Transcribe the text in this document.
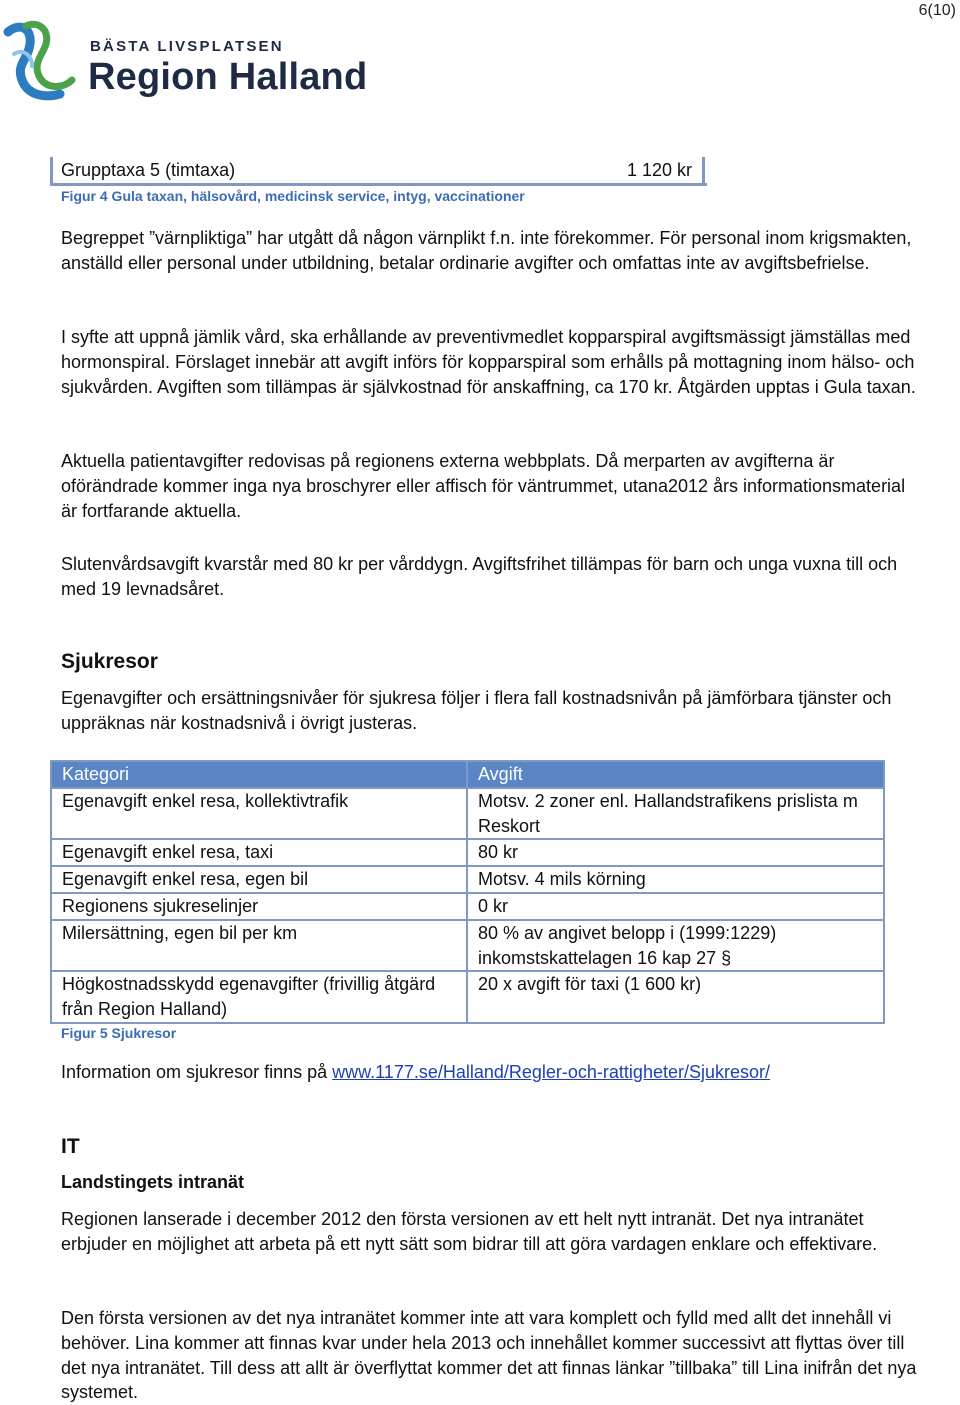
6(10)
BÄSTA LIVSPLATSEN
Region Halland
Grupptaxa 5 (timtaxa)	1 120 kr
Figur 4 Gula taxan, hälsovård, medicinsk service, intyg, vaccinationer
Begreppet ”värnpliktiga” har utgått då någon värnplikt f.n. inte förekommer. För personal inom krigsmakten, anställd eller personal under utbildning, betalar ordinarie avgifter och omfattas inte av avgiftsbefrielse.
I syfte att uppnå jämlik vård, ska erhållande av preventivmedlet kopparspiral avgiftsmässigt jämställas med hormonspiral. Förslaget innebär att avgift införs för kopparspiral som erhålls på mottagning inom hälso- och sjukvården. Avgiften som tillämpas är självkostnad för anskaffning, ca 170 kr. Åtgärden upptas i Gula taxan.
Aktuella patientavgifter redovisas på regionens externa webbplats. Då merparten av avgifterna är oförändrade kommer inga nya broschyrer eller affisch för väntrummet, utana2012 års informationsmaterial är fortfarande aktuella.
Slutenvårdsavgift kvarstår med 80 kr per vårddygn. Avgiftsfrihet tillämpas för barn och unga vuxna till och med 19 levnadsåret.
Sjukresor
Egenavgifter och ersättningsnivåer för sjukresa följer i flera fall kostnadsnivån på jämförbara tjänster och uppräknas när kostnadsnivå i övrigt justeras.
Kategori	Avgift
Egenavgift enkel resa, kollektivtrafik	Motsv. 2 zoner enl. Hallandstrafikens prislista m Reskort
Egenavgift enkel resa, taxi	80 kr
Egenavgift enkel resa, egen bil	Motsv. 4 mils körning
Regionens sjukreselinjer	0 kr
Milersättning, egen bil per km	80 % av angivet belopp i (1999:1229) inkomstskattelagen 16 kap 27 §
Högkostnadsskydd egenavgifter (frivillig åtgärd från Region Halland)	20 x avgift för taxi (1 600 kr)
Figur 5 Sjukresor
Information om sjukresor finns på www.1177.se/Halland/Regler-och-rattigheter/Sjukresor/
IT
Landstingets intranät
Regionen lanserade i december 2012 den första versionen av ett helt nytt intranät. Det nya intranätet erbjuder en möjlighet att arbeta på ett nytt sätt som bidrar till att göra vardagen enklare och effektivare.
Den första versionen av det nya intranätet kommer inte att vara komplett och fylld med allt det innehåll vi behöver. Lina kommer att finnas kvar under hela 2013 och innehållet kommer successivt att flyttas över till det nya intranätet. Till dess att allt är överflyttat kommer det att finnas länkar ”tillbaka” till Lina inifrån det nya systemet.
